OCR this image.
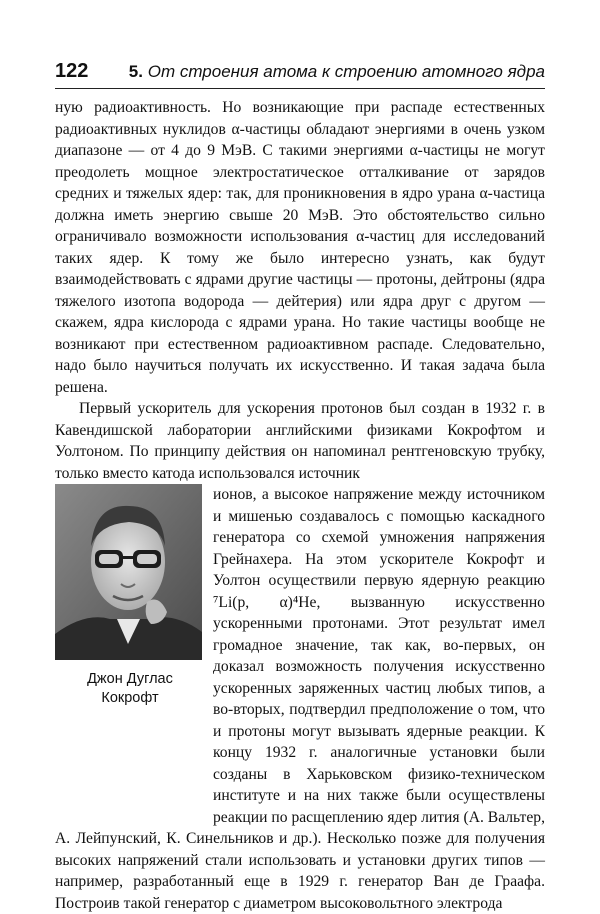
122 5. От строения атома к строению атомного ядра

ную радиоактивность. Но возникающие при распаде естественных радиоактивных нуклидов α-частицы обладают энергиями в очень узком диапазоне — от 4 до 9 МэВ. С такими энергиями α-частицы не могут преодолеть мощное электростатическое отталкивание от зарядов средних и тяжелых ядер: так, для проникновения в ядро урана α-частица должна иметь энергию свыше 20 МэВ. Это обстоятельство сильно ограничивало возможности использования α-частиц для исследований таких ядер. К тому же было интересно узнать, как будут взаимодействовать с ядрами другие частицы — протоны, дейтроны (ядра тяжелого изотопа водорода — дейтерия) или ядра друг с другом — скажем, ядра кислорода с ядрами урана. Но такие частицы вообще не возникают при естественном радиоактивном распаде. Следовательно, надо было научиться получать их искусственно. И такая задача была решена.

Первый ускоритель для ускорения протонов был создан в 1932 г. в Кавендишской лаборатории английскими физиками Кокрофтом и Уолтоном. По принципу действия он напоминал рентгеновскую трубку, только вместо катода использовался источник

Джон Дуглас
Кокрофт

ионов, а высокое напряжение между источником и мишенью создавалось с помощью каскадного генератора со схемой умножения напряжения Грейнахера. На этом ускорителе Кокрофт и Уолтон осуществили первую ядерную реакцию ⁷Li(p, α)⁴He, вызванную искусственно ускоренными протонами. Этот результат имел громадное значение, так как, во-первых, он доказал возможность получения искусственно ускоренных заряженных частиц любых типов, а во-вторых, подтвердил предположение о том, что и протоны могут вызывать ядерные реакции. К концу 1932 г. аналогичные установки были созданы в Харьковском физико-техническом институте и на них также были осуществлены реакции по расщеплению ядер лития (А. Вальтер, А. Лейпунский, К. Синельников и др.). Несколько позже для получения высоких напряжений стали использовать и установки других типов — например, разработанный еще в 1929 г. генератор Ван де Граафа. Построив такой генератор с диаметром высоковольтного электрода
